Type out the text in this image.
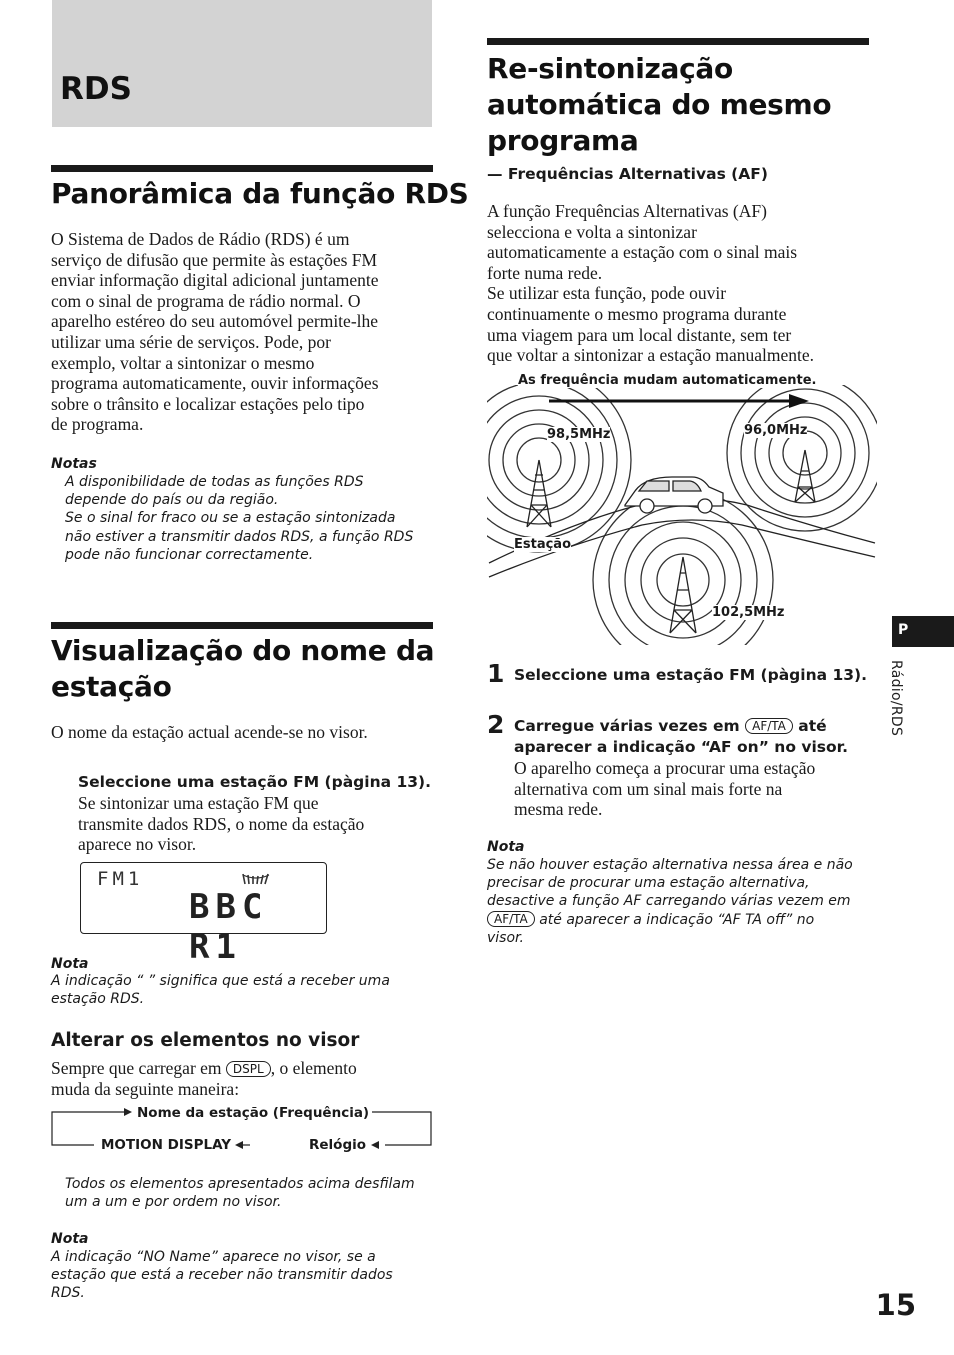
RDS
Panorâmica da função RDS
O Sistema de Dados de Rádio (RDS) é um
serviço de difusão que permite às estações FM
enviar informação digital adicional juntamente
com o sinal de programa de rádio normal. O
aparelho estéreo do seu automóvel permite-lhe
utilizar uma série de serviços. Pode, por
exemplo, voltar a sintonizar o mesmo
programa automaticamente, ouvir informações
sobre o trânsito e localizar estações pelo tipo
de programa.
Notas
A disponibilidade de todas as funções RDS
depende do país ou da região.
Se o sinal for fraco ou se a estação sintonizada
não estiver a transmitir dados RDS, a função RDS
pode não funcionar correctamente.
Visualização do nome da
estação
O nome da estação actual acende-se no visor.
Seleccione uma estação FM (pàgina 13).
Se sintonizar uma estação FM que
transmite dados RDS, o nome da estação
aparece no visor.
FM1
BBC R1
Nota
A indicação “ ” significa que está a receber uma
estação RDS.
Alterar os elementos no visor
Sempre que carregar em DSPL , o elemento
muda da seguinte maneira:
Nome da estação (Frequência)
MOTION DISPLAY	Relógio
Todos os elementos apresentados acima desfilam
um a um e por ordem no visor.
Nota
A indicação “NO Name” aparece no visor, se a
estação que está a receber não transmitir dados
RDS.
Re-sintonização
automática do mesmo
programa
— Frequências Alternativas (AF)
A função Frequências Alternativas (AF)
selecciona e volta a sintonizar
automaticamente a estação com o sinal mais
forte numa rede.
Se utilizar esta função, pode ouvir
continuamente o mesmo programa durante
uma viagem para um local distante, sem ter
que voltar a sintonizar a estação manualmente.
As frequência mudam automaticamente.
98,5MHz	96,0MHz
102,5MHz
Estação
1 Seleccione uma estação FM (pàgina 13).
2 Carregue várias vezes em AF/TA até
aparecer a indicação “AF on” no visor.
O aparelho começa a procurar uma estação
alternativa com um sinal mais forte na
mesma rede.
Nota
Se não houver estação alternativa nessa área e não
precisar de procurar uma estação alternativa,
desactive a função AF carregando várias vezem em
AF/TA até aparecer a indicação “AF TA off” no
visor.
P
Rádio/RDS
15
